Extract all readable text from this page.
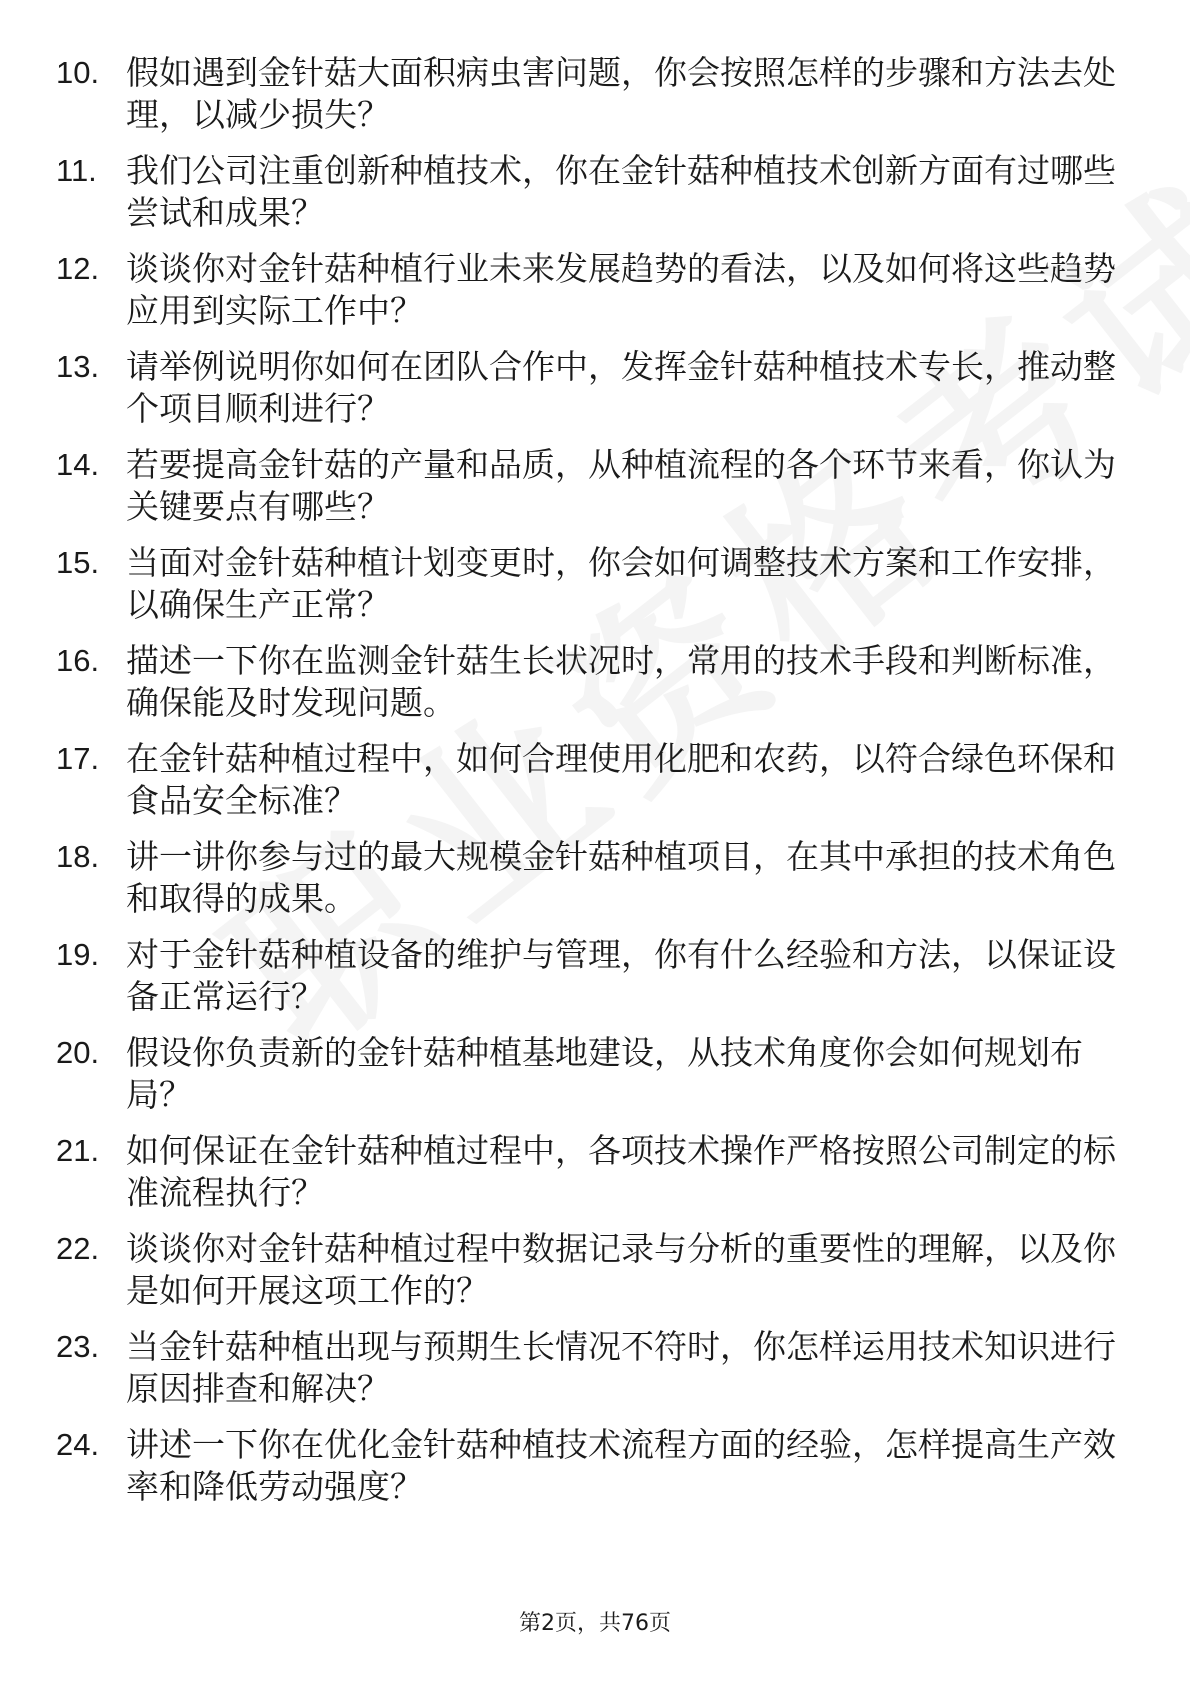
10. 假如遇到金针菇大面积病虫害问题，你会按照怎样的步骤和方法去处理，以减少损失？
11. 我们公司注重创新种植技术，你在金针菇种植技术创新方面有过哪些尝试和成果？
12. 谈谈你对金针菇种植行业未来发展趋势的看法，以及如何将这些趋势应用到实际工作中？
13. 请举例说明你如何在团队合作中，发挥金针菇种植技术专长，推动整个项目顺利进行？
14. 若要提高金针菇的产量和品质，从种植流程的各个环节来看，你认为关键要点有哪些？
15. 当面对金针菇种植计划变更时，你会如何调整技术方案和工作安排，以确保生产正常？
16. 描述一下你在监测金针菇生长状况时，常用的技术手段和判断标准，确保能及时发现问题。
17. 在金针菇种植过程中，如何合理使用化肥和农药，以符合绿色环保和食品安全标准？
18. 讲一讲你参与过的最大规模金针菇种植项目，在其中承担的技术角色和取得的成果。
19. 对于金针菇种植设备的维护与管理，你有什么经验和方法，以保证设备正常运行？
20. 假设你负责新的金针菇种植基地建设，从技术角度你会如何规划布局？
21. 如何保证在金针菇种植过程中，各项技术操作严格按照公司制定的标准流程执行？
22. 谈谈你对金针菇种植过程中数据记录与分析的重要性的理解，以及你是如何开展这项工作的？
23. 当金针菇种植出现与预期生长情况不符时，你怎样运用技术知识进行原因排查和解决？
24. 讲述一下你在优化金针菇种植技术流程方面的经验，怎样提高生产效率和降低劳动强度？
第2页，共76页
